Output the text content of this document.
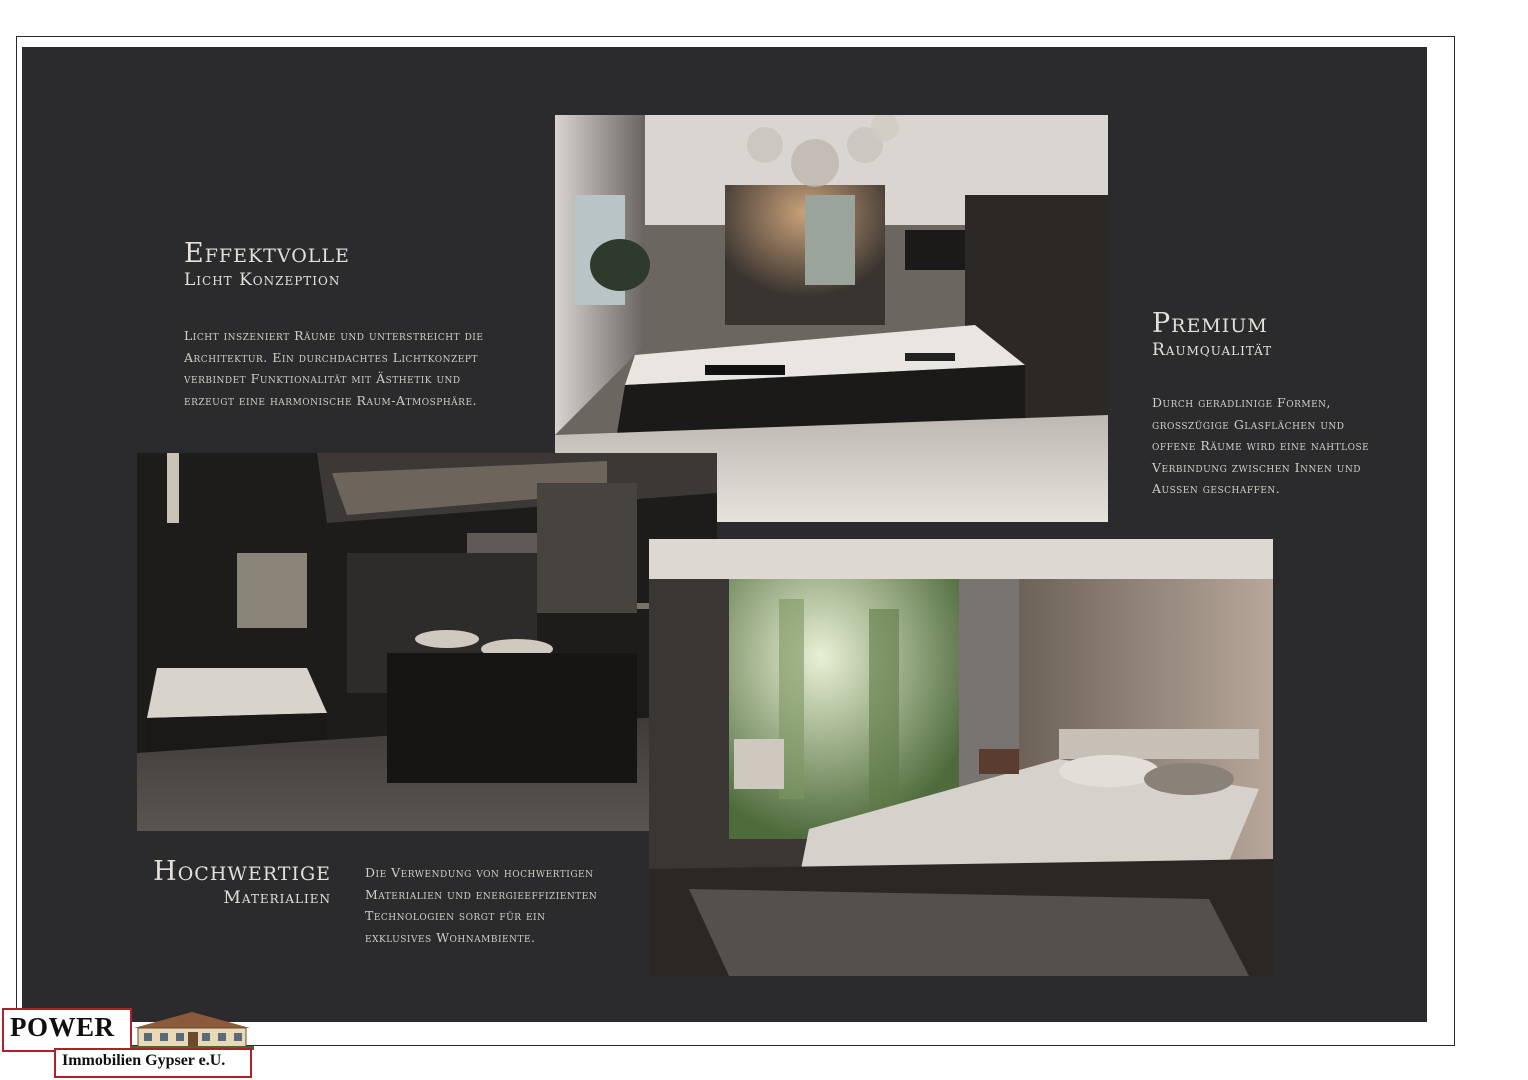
Effektvolle
Licht Konzeption
Licht inszeniert Räume und unterstreicht die
Architektur. Ein durchdachtes Lichtkonzept
verbindet Funktionalität mit Ästhetik und
erzeugt eine harmonische Raum-Atmosphäre.
Premium
Raumqualität
Durch geradlinige Formen,
grosszügige Glasflächen und
offene Räume wird eine nahtlose
Verbindung zwischen Innen und
Aussen geschaffen.
Hochwertige
Materialien
Die Verwendung von hochwertigen
Materialien und energieeffizienten
Technologien sorgt für ein
exklusives Wohnambiente.
POWER
Immobilien Gypser e.U.
